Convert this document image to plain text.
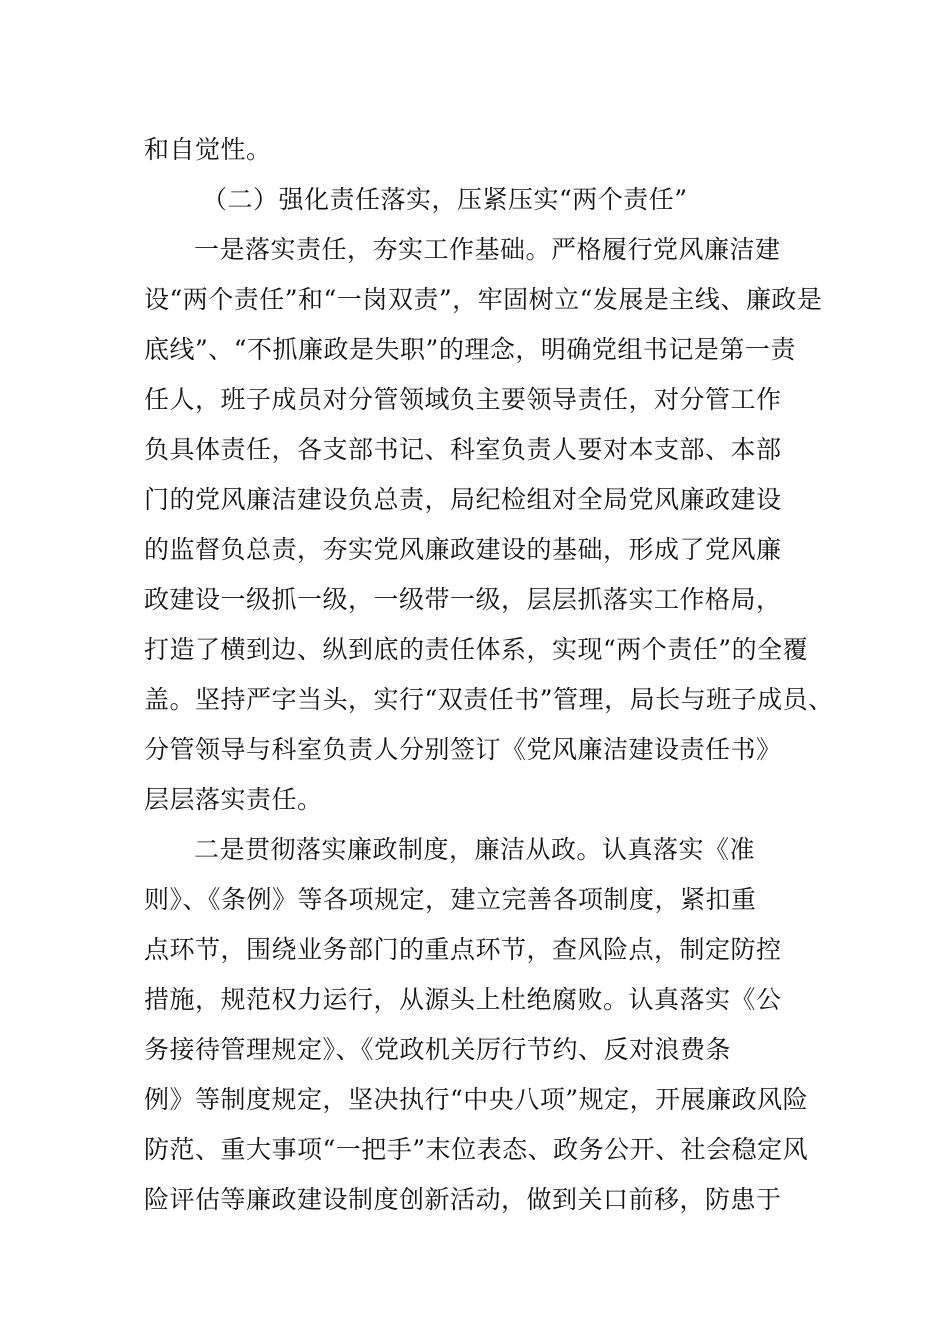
和自觉性。
（二）强化责任落实，压紧压实“两个责任”
一是落实责任，夯实工作基础。严格履行党风廉洁建
设“两个责任”和“一岗双责”，牢固树立“发展是主线、廉政是
底线”、“不抓廉政是失职”的理念，明确党组书记是第一责
任人，班子成员对分管领域负主要领导责任，对分管工作
负具体责任，各支部书记、科室负责人要对本支部、本部
门的党风廉洁建设负总责，局纪检组对全局党风廉政建设
的监督负总责，夯实党风廉政建设的基础，形成了党风廉
政建设一级抓一级，一级带一级，层层抓落实工作格局，
打造了横到边、纵到底的责任体系，实现“两个责任”的全覆
盖。坚持严字当头，实行“双责任书”管理，局长与班子成员、
分管领导与科室负责人分别签订《党风廉洁建设责任书》
层层落实责任。
二是贯彻落实廉政制度，廉洁从政。认真落实《准
则》、《条例》等各项规定，建立完善各项制度，紧扣重
点环节，围绕业务部门的重点环节，查风险点，制定防控
措施，规范权力运行，从源头上杜绝腐败。认真落实《公
务接待管理规定》、《党政机关厉行节约、反对浪费条
例》等制度规定，坚决执行“中央八项”规定，开展廉政风险
防范、重大事项“一把手”末位表态、政务公开、社会稳定风
险评估等廉政建设制度创新活动，做到关口前移，防患于
